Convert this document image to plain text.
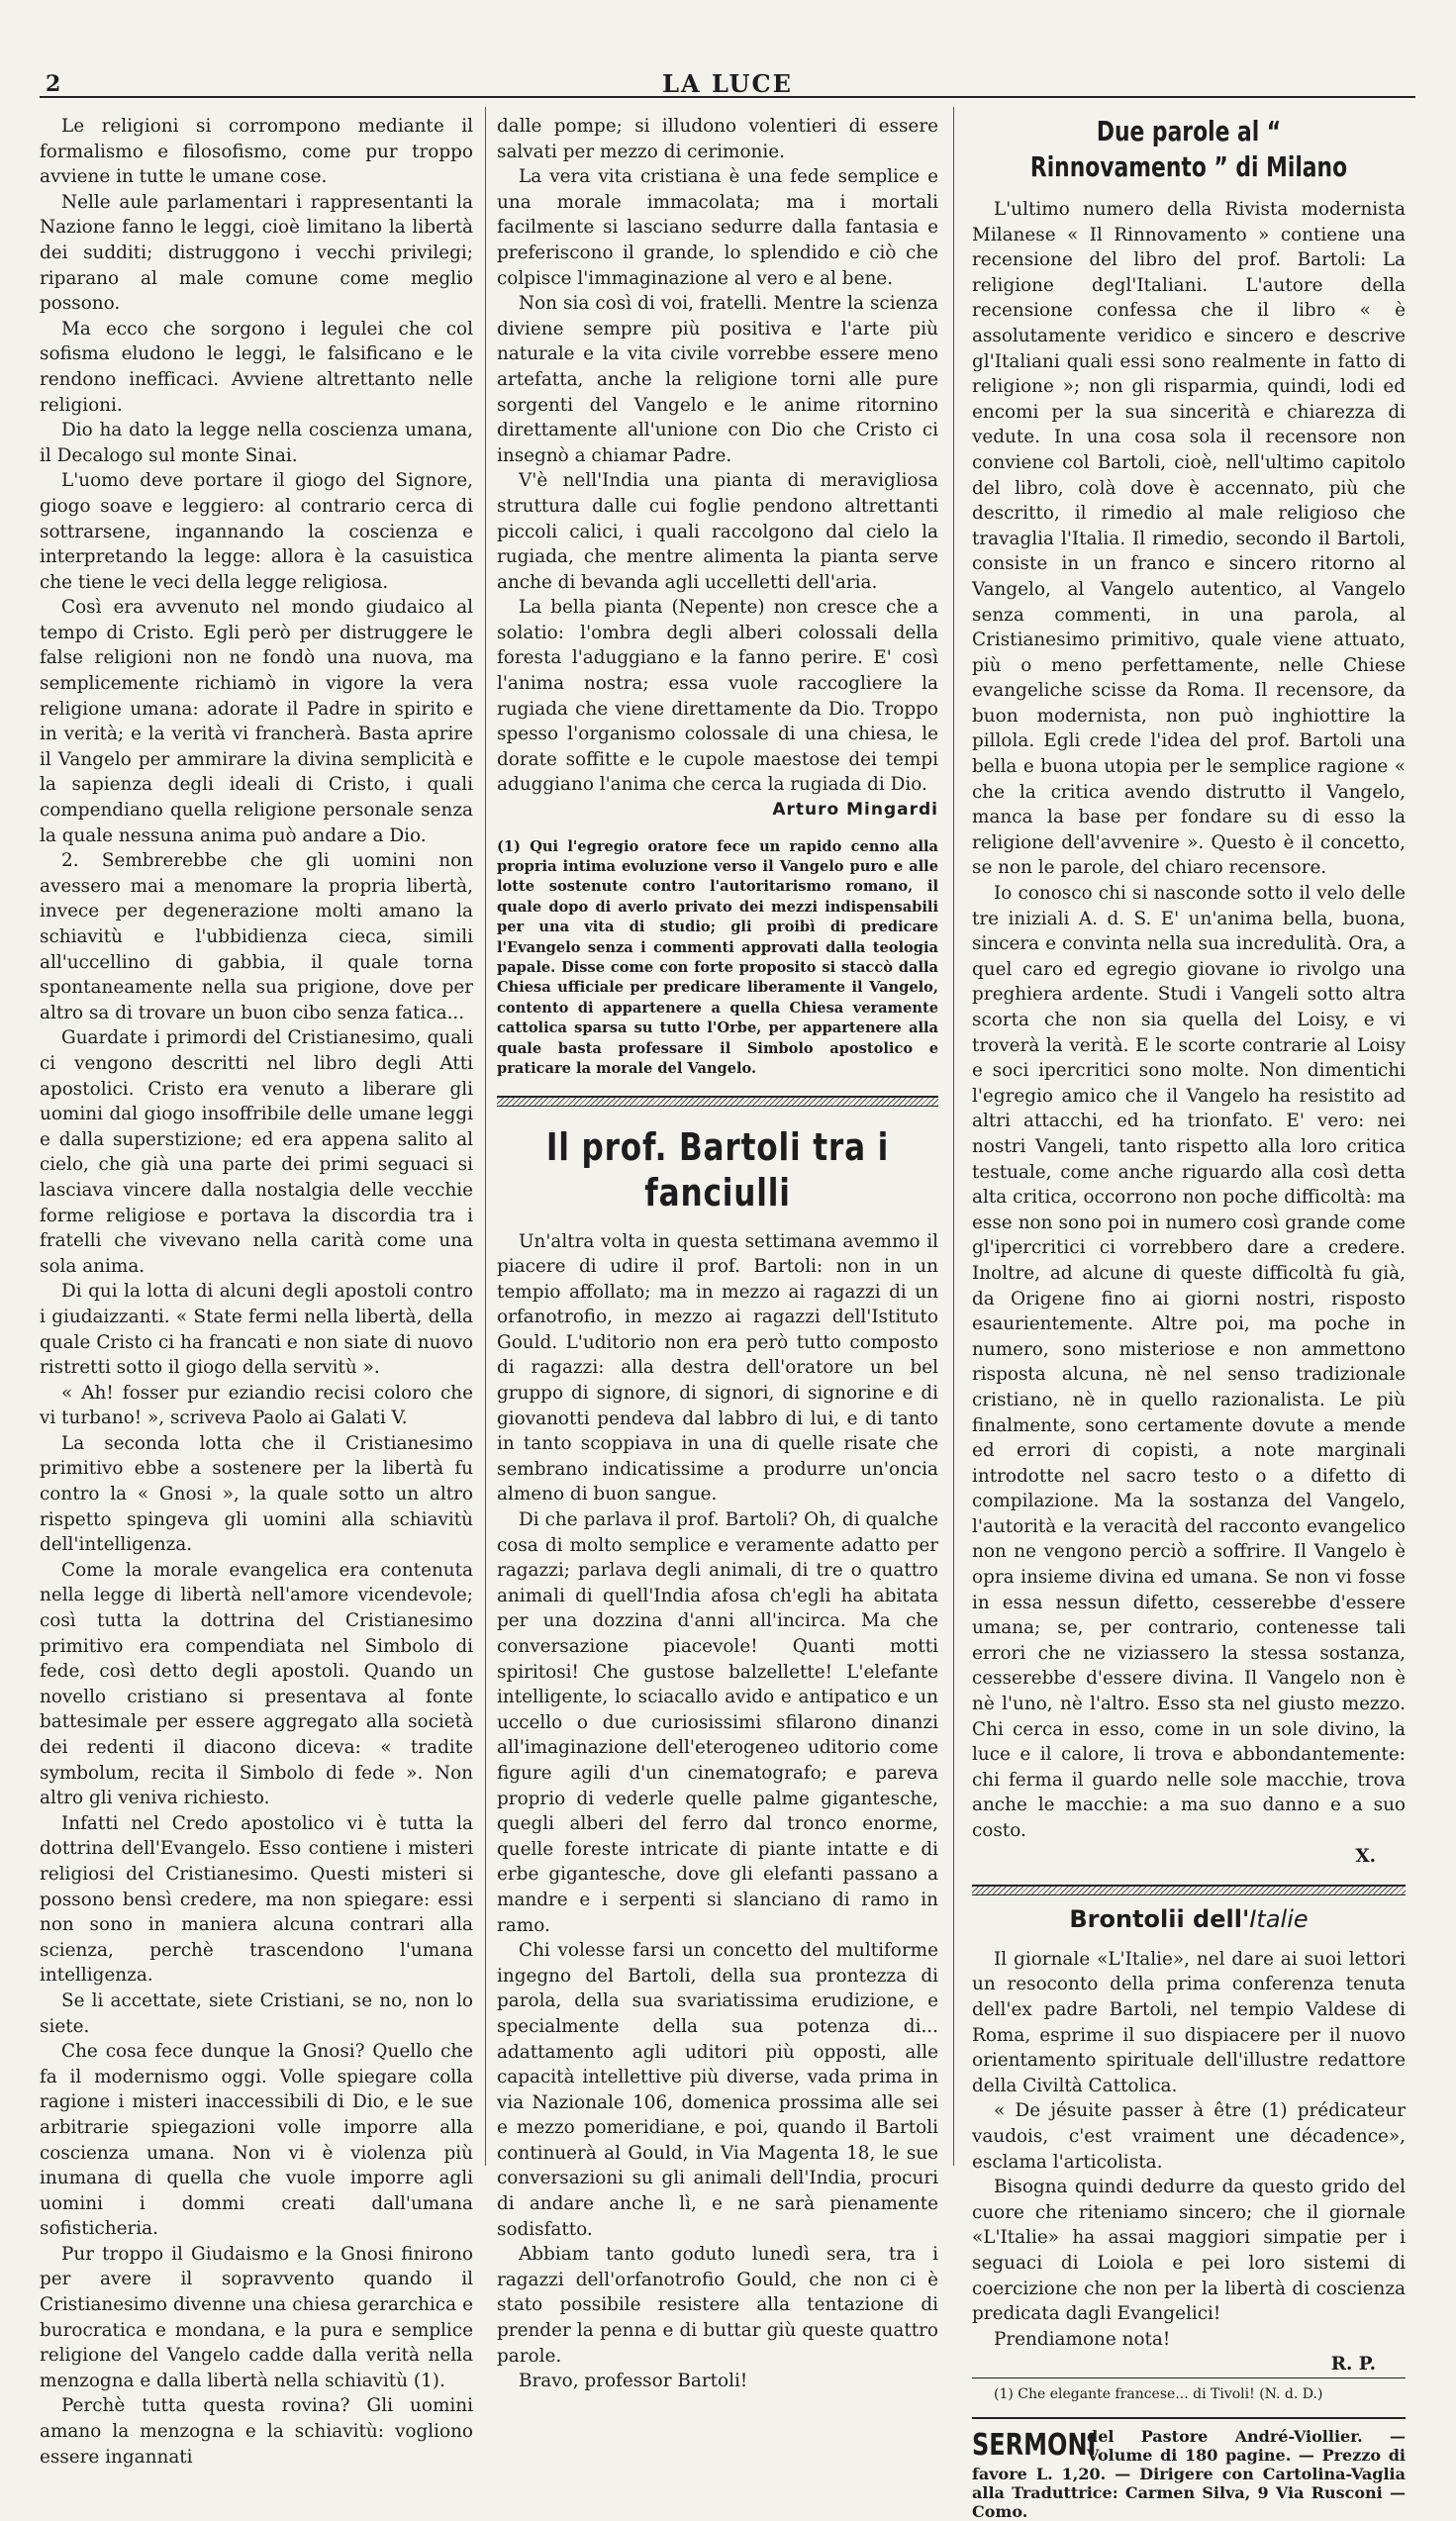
2	LA LUCE

Le religioni si corrompono mediante il formalismo e filosofismo, come pur troppo avviene in tutte le umane cose.

Nelle aule parlamentari i rappresentanti la Nazione fanno le leggi, cioè limitano la libertà dei sudditi; distruggono i vecchi privilegi; riparano al male comune come meglio possono.

Ma ecco che sorgono i legulei che col sofisma eludono le leggi, le falsificano e le rendono inefficaci. Avviene altrettanto nelle religioni.

Dio ha dato la legge nella coscienza umana, il Decalogo sul monte Sinai.

L'uomo deve portare il giogo del Signore, giogo soave e leggiero: al contrario cerca di sottrarsene, ingannando la coscienza e interpretando la legge: allora è la casuistica che tiene le veci della legge religiosa.

Così era avvenuto nel mondo giudaico al tempo di Cristo. Egli però per distruggere le false religioni non ne fondò una nuova, ma semplicemente richiamò in vigore la vera religione umana: adorate il Padre in spirito e in verità; e la verità vi francherà. Basta aprire il Vangelo per ammirare la divina semplicità e la sapienza degli ideali di Cristo, i quali compendiano quella religione personale senza la quale nessuna anima può andare a Dio.

2. Sembrerebbe che gli uomini non avessero mai a menomare la propria libertà, invece per degenerazione molti amano la schiavitù e l'ubbidienza cieca, simili all'uccellino di gabbia, il quale torna spontaneamente nella sua prigione, dove per altro sa di trovare un buon cibo senza fatica...

Guardate i primordi del Cristianesimo, quali ci vengono descritti nel libro degli Atti apostolici. Cristo era venuto a liberare gli uomini dal giogo insoffribile delle umane leggi e dalla superstizione; ed era appena salito al cielo, che già una parte dei primi seguaci si lasciava vincere dalla nostalgia delle vecchie forme religiose e portava la discordia tra i fratelli che vivevano nella carità come una sola anima.

Di qui la lotta di alcuni degli apostoli contro i giudaizzanti. « State fermi nella libertà, della quale Cristo ci ha francati e non siate di nuovo ristretti sotto il giogo della servitù ».

« Ah! fosser pur eziandio recisi coloro che vi turbano! », scriveva Paolo ai Galati V.

La seconda lotta che il Cristianesimo primitivo ebbe a sostenere per la libertà fu contro la « Gnosi », la quale sotto un altro rispetto spingeva gli uomini alla schiavitù dell'intelligenza.

Come la morale evangelica era contenuta nella legge di libertà nell'amore vicendevole; così tutta la dottrina del Cristianesimo primitivo era compendiata nel Simbolo di fede, così detto degli apostoli. Quando un novello cristiano si presentava al fonte battesimale per essere aggregato alla società dei redenti il diacono diceva: « tradite symbolum, recita il Simbolo di fede ». Non altro gli veniva richiesto.

Infatti nel Credo apostolico vi è tutta la dottrina dell'Evangelo. Esso contiene i misteri religiosi del Cristianesimo. Questi misteri si possono bensì credere, ma non spiegare: essi non sono in maniera alcuna contrari alla scienza, perchè trascendono l'umana intelligenza.

Se li accettate, siete Cristiani, se no, non lo siete.

Che cosa fece dunque la Gnosi? Quello che fa il modernismo oggi. Volle spiegare colla ragione i misteri inaccessibili di Dio, e le sue arbitrarie spiegazioni volle imporre alla coscienza umana. Non vi è violenza più inumana di quella che vuole imporre agli uomini i dommi creati dall'umana sofisticheria.

Pur troppo il Giudaismo e la Gnosi finirono per avere il sopravvento quando il Cristianesimo divenne una chiesa gerarchica e burocratica e mondana, e la pura e semplice religione del Vangelo cadde dalla verità nella menzogna e dalla libertà nella schiavitù (1).

Perchè tutta questa rovina? Gli uomini amano la menzogna e la schiavitù: vogliono essere ingannati

dalle pompe; si illudono volentieri di essere salvati per mezzo di cerimonie.

La vera vita cristiana è una fede semplice e una morale immacolata; ma i mortali facilmente si lasciano sedurre dalla fantasia e preferiscono il grande, lo splendido e ciò che colpisce l'immaginazione al vero e al bene.

Non sia così di voi, fratelli. Mentre la scienza diviene sempre più positiva e l'arte più naturale e la vita civile vorrebbe essere meno artefatta, anche la religione torni alle pure sorgenti del Vangelo e le anime ritornino direttamente all'unione con Dio che Cristo ci insegnò a chiamar Padre.

V'è nell'India una pianta di meravigliosa struttura dalle cui foglie pendono altrettanti piccoli calici, i quali raccolgono dal cielo la rugiada, che mentre alimenta la pianta serve anche di bevanda agli uccelletti dell'aria.

La bella pianta (Nepente) non cresce che a solatio: l'ombra degli alberi colossali della foresta l'aduggiano e la fanno perire. E' così l'anima nostra; essa vuole raccogliere la rugiada che viene direttamente da Dio. Troppo spesso l'organismo colossale di una chiesa, le dorate soffitte e le cupole maestose dei tempi aduggiano l'anima che cerca la rugiada di Dio.

Arturo Mingardi

(1) Qui l'egregio oratore fece un rapido cenno alla propria intima evoluzione verso il Vangelo puro e alle lotte sostenute contro l'autoritarismo romano, il quale dopo di averlo privato dei mezzi indispensabili per una vita di studio; gli proibì di predicare l'Evangelo senza i commenti approvati dalla teologia papale. Disse come con forte proposito si staccò dalla Chiesa ufficiale per predicare liberamente il Vangelo, contento di appartenere a quella Chiesa veramente cattolica sparsa su tutto l'Orbe, per appartenere alla quale basta professare il Simbolo apostolico e praticare la morale del Vangelo.

Il prof. Bartoli tra i fanciulli

Un'altra volta in questa settimana avemmo il piacere di udire il prof. Bartoli: non in un tempio affollato; ma in mezzo ai ragazzi di un orfanotrofio, in mezzo ai ragazzi dell'Istituto Gould. L'uditorio non era però tutto composto di ragazzi: alla destra dell'oratore un bel gruppo di signore, di signori, di signorine e di giovanotti pendeva dal labbro di lui, e di tanto in tanto scoppiava in una di quelle risate che sembrano indicatissime a produrre un'oncia almeno di buon sangue.

Di che parlava il prof. Bartoli? Oh, di qualche cosa di molto semplice e veramente adatto per ragazzi; parlava degli animali, di tre o quattro animali di quell'India afosa ch'egli ha abitata per una dozzina d'anni all'incirca. Ma che conversazione piacevole! Quanti motti spiritosi! Che gustose balzellette! L'elefante intelligente, lo sciacallo avido e antipatico e un uccello o due curiosissimi sfilarono dinanzi all'imaginazione dell'eterogeneo uditorio come figure agili d'un cinematografo; e pareva proprio di vederle quelle palme gigantesche, quegli alberi del ferro dal tronco enorme, quelle foreste intricate di piante intatte e di erbe gigantesche, dove gli elefanti passano a mandre e i serpenti si slanciano di ramo in ramo.

Chi volesse farsi un concetto del multiforme ingegno del Bartoli, della sua prontezza di parola, della sua svariatissima erudizione, e specialmente della sua potenza di... adattamento agli uditori più opposti, alle capacità intellettive più diverse, vada prima in via Nazionale 106, domenica prossima alle sei e mezzo pomeridiane, e poi, quando il Bartoli continuerà al Gould, in Via Magenta 18, le sue conversazioni su gli animali dell'India, procuri di andare anche lì, e ne sarà pienamente sodisfatto.

Abbiam tanto goduto lunedì sera, tra i ragazzi dell'orfanotrofio Gould, che non ci è stato possibile resistere alla tentazione di prender la penna e di buttar giù queste quattro parole.

Bravo, professor Bartoli!

Due parole al “ Rinnovamento ” di Milano

L'ultimo numero della Rivista modernista Milanese « Il Rinnovamento » contiene una recensione del libro del prof. Bartoli: La religione degl'Italiani. L'autore della recensione confessa che il libro « è assolutamente veridico e sincero e descrive gl'Italiani quali essi sono realmente in fatto di religione »; non gli risparmia, quindi, lodi ed encomi per la sua sincerità e chiarezza di vedute. In una cosa sola il recensore non conviene col Bartoli, cioè, nell'ultimo capitolo del libro, colà dove è accennato, più che descritto, il rimedio al male religioso che travaglia l'Italia. Il rimedio, secondo il Bartoli, consiste in un franco e sincero ritorno al Vangelo, al Vangelo autentico, al Vangelo senza commenti, in una parola, al Cristianesimo primitivo, quale viene attuato, più o meno perfettamente, nelle Chiese evangeliche scisse da Roma. Il recensore, da buon modernista, non può inghiottire la pillola. Egli crede l'idea del prof. Bartoli una bella e buona utopia per le semplice ragione « che la critica avendo distrutto il Vangelo, manca la base per fondare su di esso la religione dell'avvenire ». Questo è il concetto, se non le parole, del chiaro recensore.

Io conosco chi si nasconde sotto il velo delle tre iniziali A. d. S. E' un'anima bella, buona, sincera e convinta nella sua incredulità. Ora, a quel caro ed egregio giovane io rivolgo una preghiera ardente. Studi i Vangeli sotto altra scorta che non sia quella del Loisy, e vi troverà la verità. E le scorte contrarie al Loisy e soci ipercritici sono molte. Non dimentichi l'egregio amico che il Vangelo ha resistito ad altri attacchi, ed ha trionfato. E' vero: nei nostri Vangeli, tanto rispetto alla loro critica testuale, come anche riguardo alla così detta alta critica, occorrono non poche difficoltà: ma esse non sono poi in numero così grande come gl'ipercritici ci vorrebbero dare a credere. Inoltre, ad alcune di queste difficoltà fu già, da Origene fino ai giorni nostri, risposto esaurientemente. Altre poi, ma poche in numero, sono misteriose e non ammettono risposta alcuna, nè nel senso tradizionale cristiano, nè in quello razionalista. Le più finalmente, sono certamente dovute a mende ed errori di copisti, a note marginali introdotte nel sacro testo o a difetto di compilazione. Ma la sostanza del Vangelo, l'autorità e la veracità del racconto evangelico non ne vengono perciò a soffrire. Il Vangelo è opra insieme divina ed umana. Se non vi fosse in essa nessun difetto, cesserebbe d'essere umana; se, per contrario, contenesse tali errori che ne viziassero la stessa sostanza, cesserebbe d'essere divina. Il Vangelo non è nè l'uno, nè l'altro. Esso sta nel giusto mezzo. Chi cerca in esso, come in un sole divino, la luce e il calore, li trova e abbondantemente: chi ferma il guardo nelle sole macchie, trova anche le macchie: a ma suo danno e a suo costo.

X.
Brontolii dell'Italie

Il giornale «L'Italie», nel dare ai suoi lettori un resoconto della prima conferenza tenuta dell'ex padre Bartoli, nel tempio Valdese di Roma, esprime il suo dispiacere per il nuovo orientamento spirituale dell'illustre redattore della Civiltà Cattolica.

« De jésuite passer à être (1) prédicateur vaudois, c'est vraiment une décadence», esclama l'articolista.

Bisogna quindi dedurre da questo grido del cuore che riteniamo sincero; che il giornale «L'Italie» ha assai maggiori simpatie per i seguaci di Loiola e pei loro sistemi di coercizione che non per la libertà di coscienza predicata dagli Evangelici!

Prendiamone nota!

R. P.

(1) Che elegante francese... di Tivoli! (N. d. D.)

SERMONI
del Pastore André-Viollier. — Volume di 180 pagine. — Prezzo di favore L. 1,20. — Dirigere con Cartolina-Vaglia alla Traduttrice: Carmen Silva, 9 Via Rusconi — Como.
